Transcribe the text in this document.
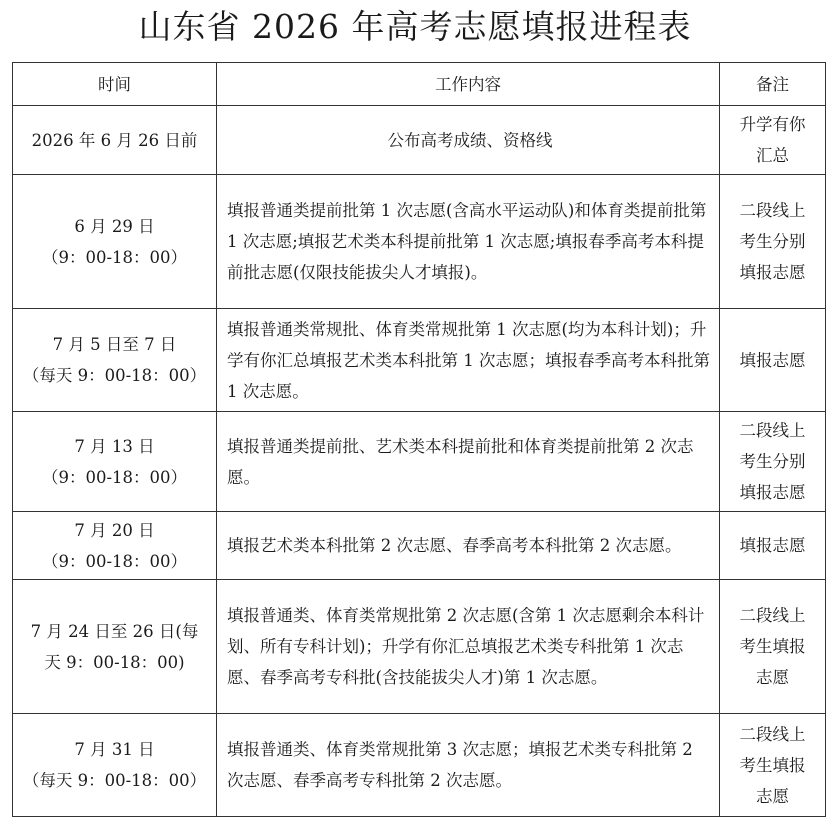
山东省 2026 年高考志愿填报进程表
时间	工作内容	备注

2026 年 6 月 26 日前	公布高考成绩、资格线	升学有你
汇总

6 月 29 日
（9：00-18：00）	填报普通类提前批第 1 次志愿(含高水平运动队)和体育类提前批第 1 次志愿;填报艺术类本科提前批第 1 次志愿;填报春季高考本科提前批志愿(仅限技能拔尖人才填报)。	二段线上
考生分别
填报志愿

7 月 5 日至 7 日
（每天 9：00-18：00）	填报普通类常规批、体育类常规批第 1 次志愿(均为本科计划)；升学有你汇总填报艺术类本科批第 1 次志愿；填报春季高考本科批第 1 次志愿。	填报志愿

7 月 13 日
（9：00-18：00）	填报普通类提前批、艺术类本科提前批和体育类提前批第 2 次志愿。	二段线上
考生分别
填报志愿

7 月 20 日
（9：00-18：00）	填报艺术类本科批第 2 次志愿、春季高考本科批第 2 次志愿。	填报志愿

7 月 24 日至 26 日(每
天 9：00-18：00)	填报普通类、体育类常规批第 2 次志愿(含第 1 次志愿剩余本科计划、所有专科计划)；升学有你汇总填报艺术类专科批第 1 次志愿、春季高考专科批(含技能拔尖人才)第 1 次志愿。	二段线上
考生填报
志愿

7 月 31 日
（每天 9：00-18：00）	填报普通类、体育类常规批第 3 次志愿；填报艺术类专科批第 2 次志愿、春季高考专科批第 2 次志愿。	二段线上
考生填报
志愿
